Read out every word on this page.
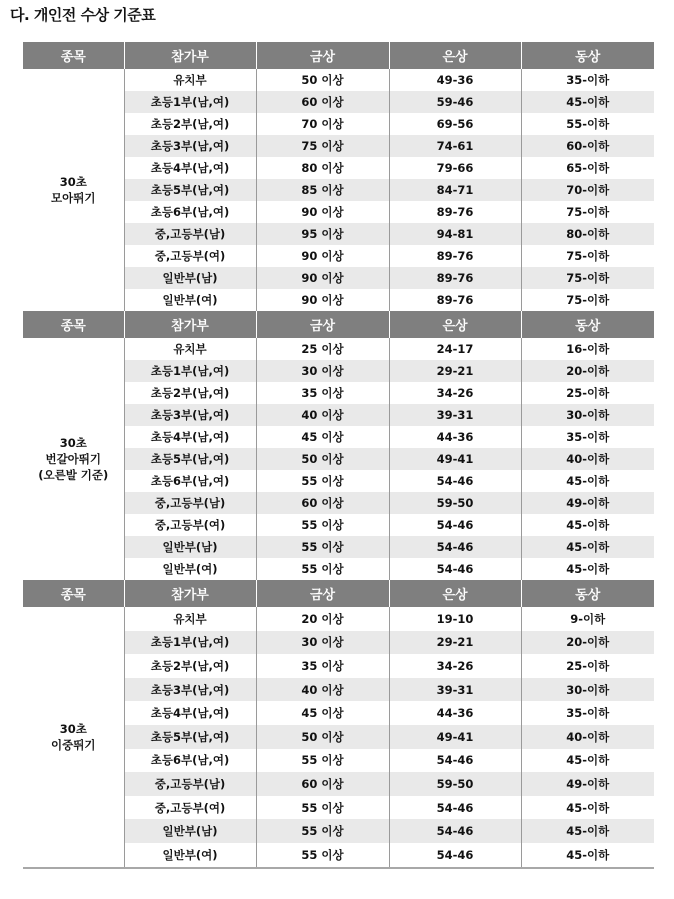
다. 개인전 수상 기준표
종목	참가부	금상	은상	동상

30초
모아뛰기	유치부	50 이상	49-36	35-이하
	초등1부(남,여)	60 이상	59-46	45-이하
	초등2부(남,여)	70 이상	69-56	55-이하
	초등3부(남,여)	75 이상	74-61	60-이하
	초등4부(남,여)	80 이상	79-66	65-이하
	초등5부(남,여)	85 이상	84-71	70-이하
	초등6부(남,여)	90 이상	89-76	75-이하
	중,고등부(남)	95 이상	94-81	80-이하
	중,고등부(여)	90 이상	89-76	75-이하
	일반부(남)	90 이상	89-76	75-이하
	일반부(여)	90 이상	89-76	75-이하
종목	참가부	금상	은상	동상

30초
번갈아뛰기
(오른발 기준)	유치부	25 이상	24-17	16-이하
	초등1부(남,여)	30 이상	29-21	20-이하
	초등2부(남,여)	35 이상	34-26	25-이하
	초등3부(남,여)	40 이상	39-31	30-이하
	초등4부(남,여)	45 이상	44-36	35-이하
	초등5부(남,여)	50 이상	49-41	40-이하
	초등6부(남,여)	55 이상	54-46	45-이하
	중,고등부(남)	60 이상	59-50	49-이하
	중,고등부(여)	55 이상	54-46	45-이하
	일반부(남)	55 이상	54-46	45-이하
	일반부(여)	55 이상	54-46	45-이하
종목	참가부	금상	은상	동상

30초
이중뛰기	유치부	20 이상	19-10	9-이하
	초등1부(남,여)	30 이상	29-21	20-이하
	초등2부(남,여)	35 이상	34-26	25-이하
	초등3부(남,여)	40 이상	39-31	30-이하
	초등4부(남,여)	45 이상	44-36	35-이하
	초등5부(남,여)	50 이상	49-41	40-이하
	초등6부(남,여)	55 이상	54-46	45-이하
	중,고등부(남)	60 이상	59-50	49-이하
	중,고등부(여)	55 이상	54-46	45-이하
	일반부(남)	55 이상	54-46	45-이하
	일반부(여)	55 이상	54-46	45-이하
